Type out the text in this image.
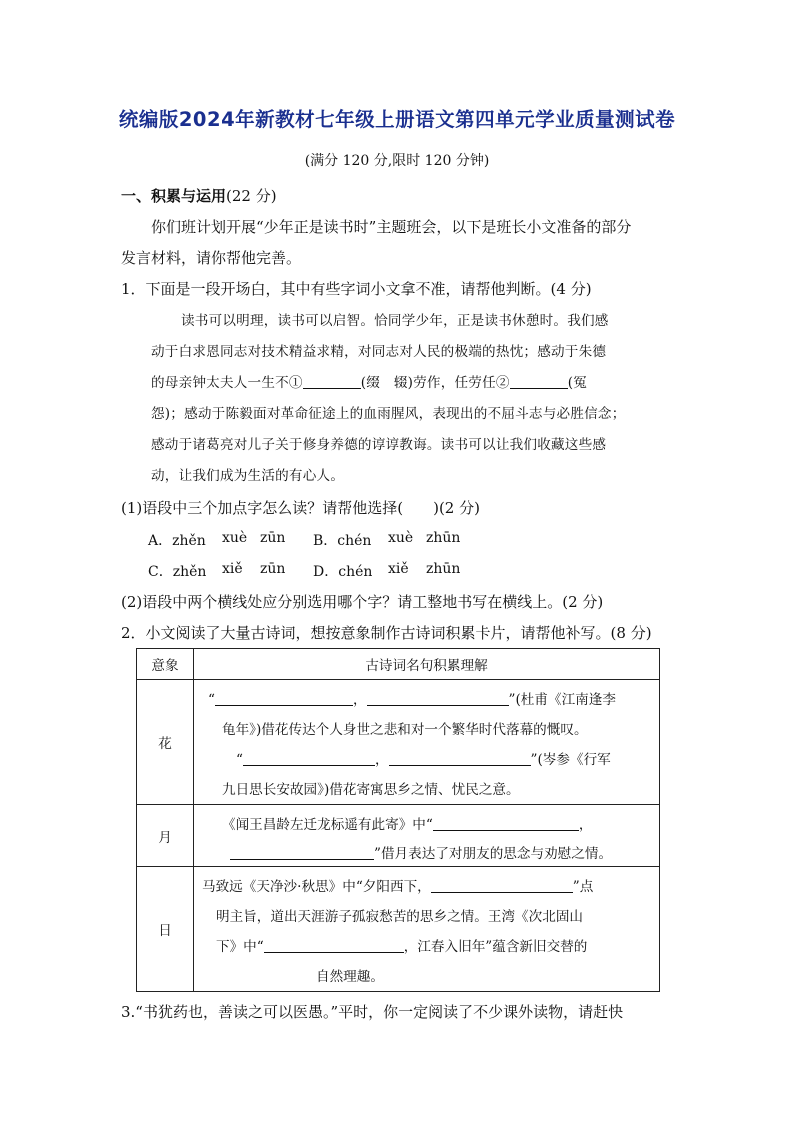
统编版2024年新教材七年级上册语文第四单元学业质量测试卷
(满分 120 分,限时 120 分钟)
一、积累与运用(22 分)
你们班计划开展“少年正是读书时”主题班会，以下是班长小文准备的部分
发言材料，请你帮他完善。
1．下面是一段开场白，其中有些字词小文拿不准，请帮他判断。(4 分)
读书可以明理，读书可以启智。恰同学少年，正是读书休憩时。我们感
动于白求恩同志对技术精益求精，对同志对人民的极端的热忱；感动于朱德
的母亲钟太夫人一生不①	(缀　辍)劳作，任劳任②	(冤
怨)；感动于陈毅面对革命征途上的血雨腥风，表现出的不屈斗志与必胜信念；
感动于诸葛亮对儿子关于修身养德的谆谆教诲。读书可以让我们收藏这些感
动，让我们成为生活的有心人。
(1)语段中三个加点字怎么读？请帮他选择(　　)(2 分)
A．zhěn xuè zūn B．chén xuè zhūn
C．zhěn xiě zūn D．chén xiě zhūn
(2)语段中两个横线处应分别选用哪个字？请工整地书写在横线上。(2 分)
2．小文阅读了大量古诗词，想按意象制作古诗词积累卡片，请帮他补写。(8 分)
意象	古诗词名句积累理解
花	“ ， ”(杜甫《江南逢李
龟年》)借花传达个人身世之悲和对一个繁华时代落幕的慨叹。
“ ， ”(岑参《行军
九日思长安故园》)借花寄寓思乡之情、忧民之意。

月	《闻王昌龄左迁龙标遥有此寄》中“ ，
”借月表达了对朋友的思念与劝慰之情。

日	马致远《天净沙·秋思》中“夕阳西下， ”点
明主旨，道出天涯游子孤寂愁苦的思乡之情。王湾《次北固山
下》中“ ，江春入旧年”蕴含新旧交替的
自然理趣。
3.“书犹药也，善读之可以医愚。”平时，你一定阅读了不少课外读物，请赶快
